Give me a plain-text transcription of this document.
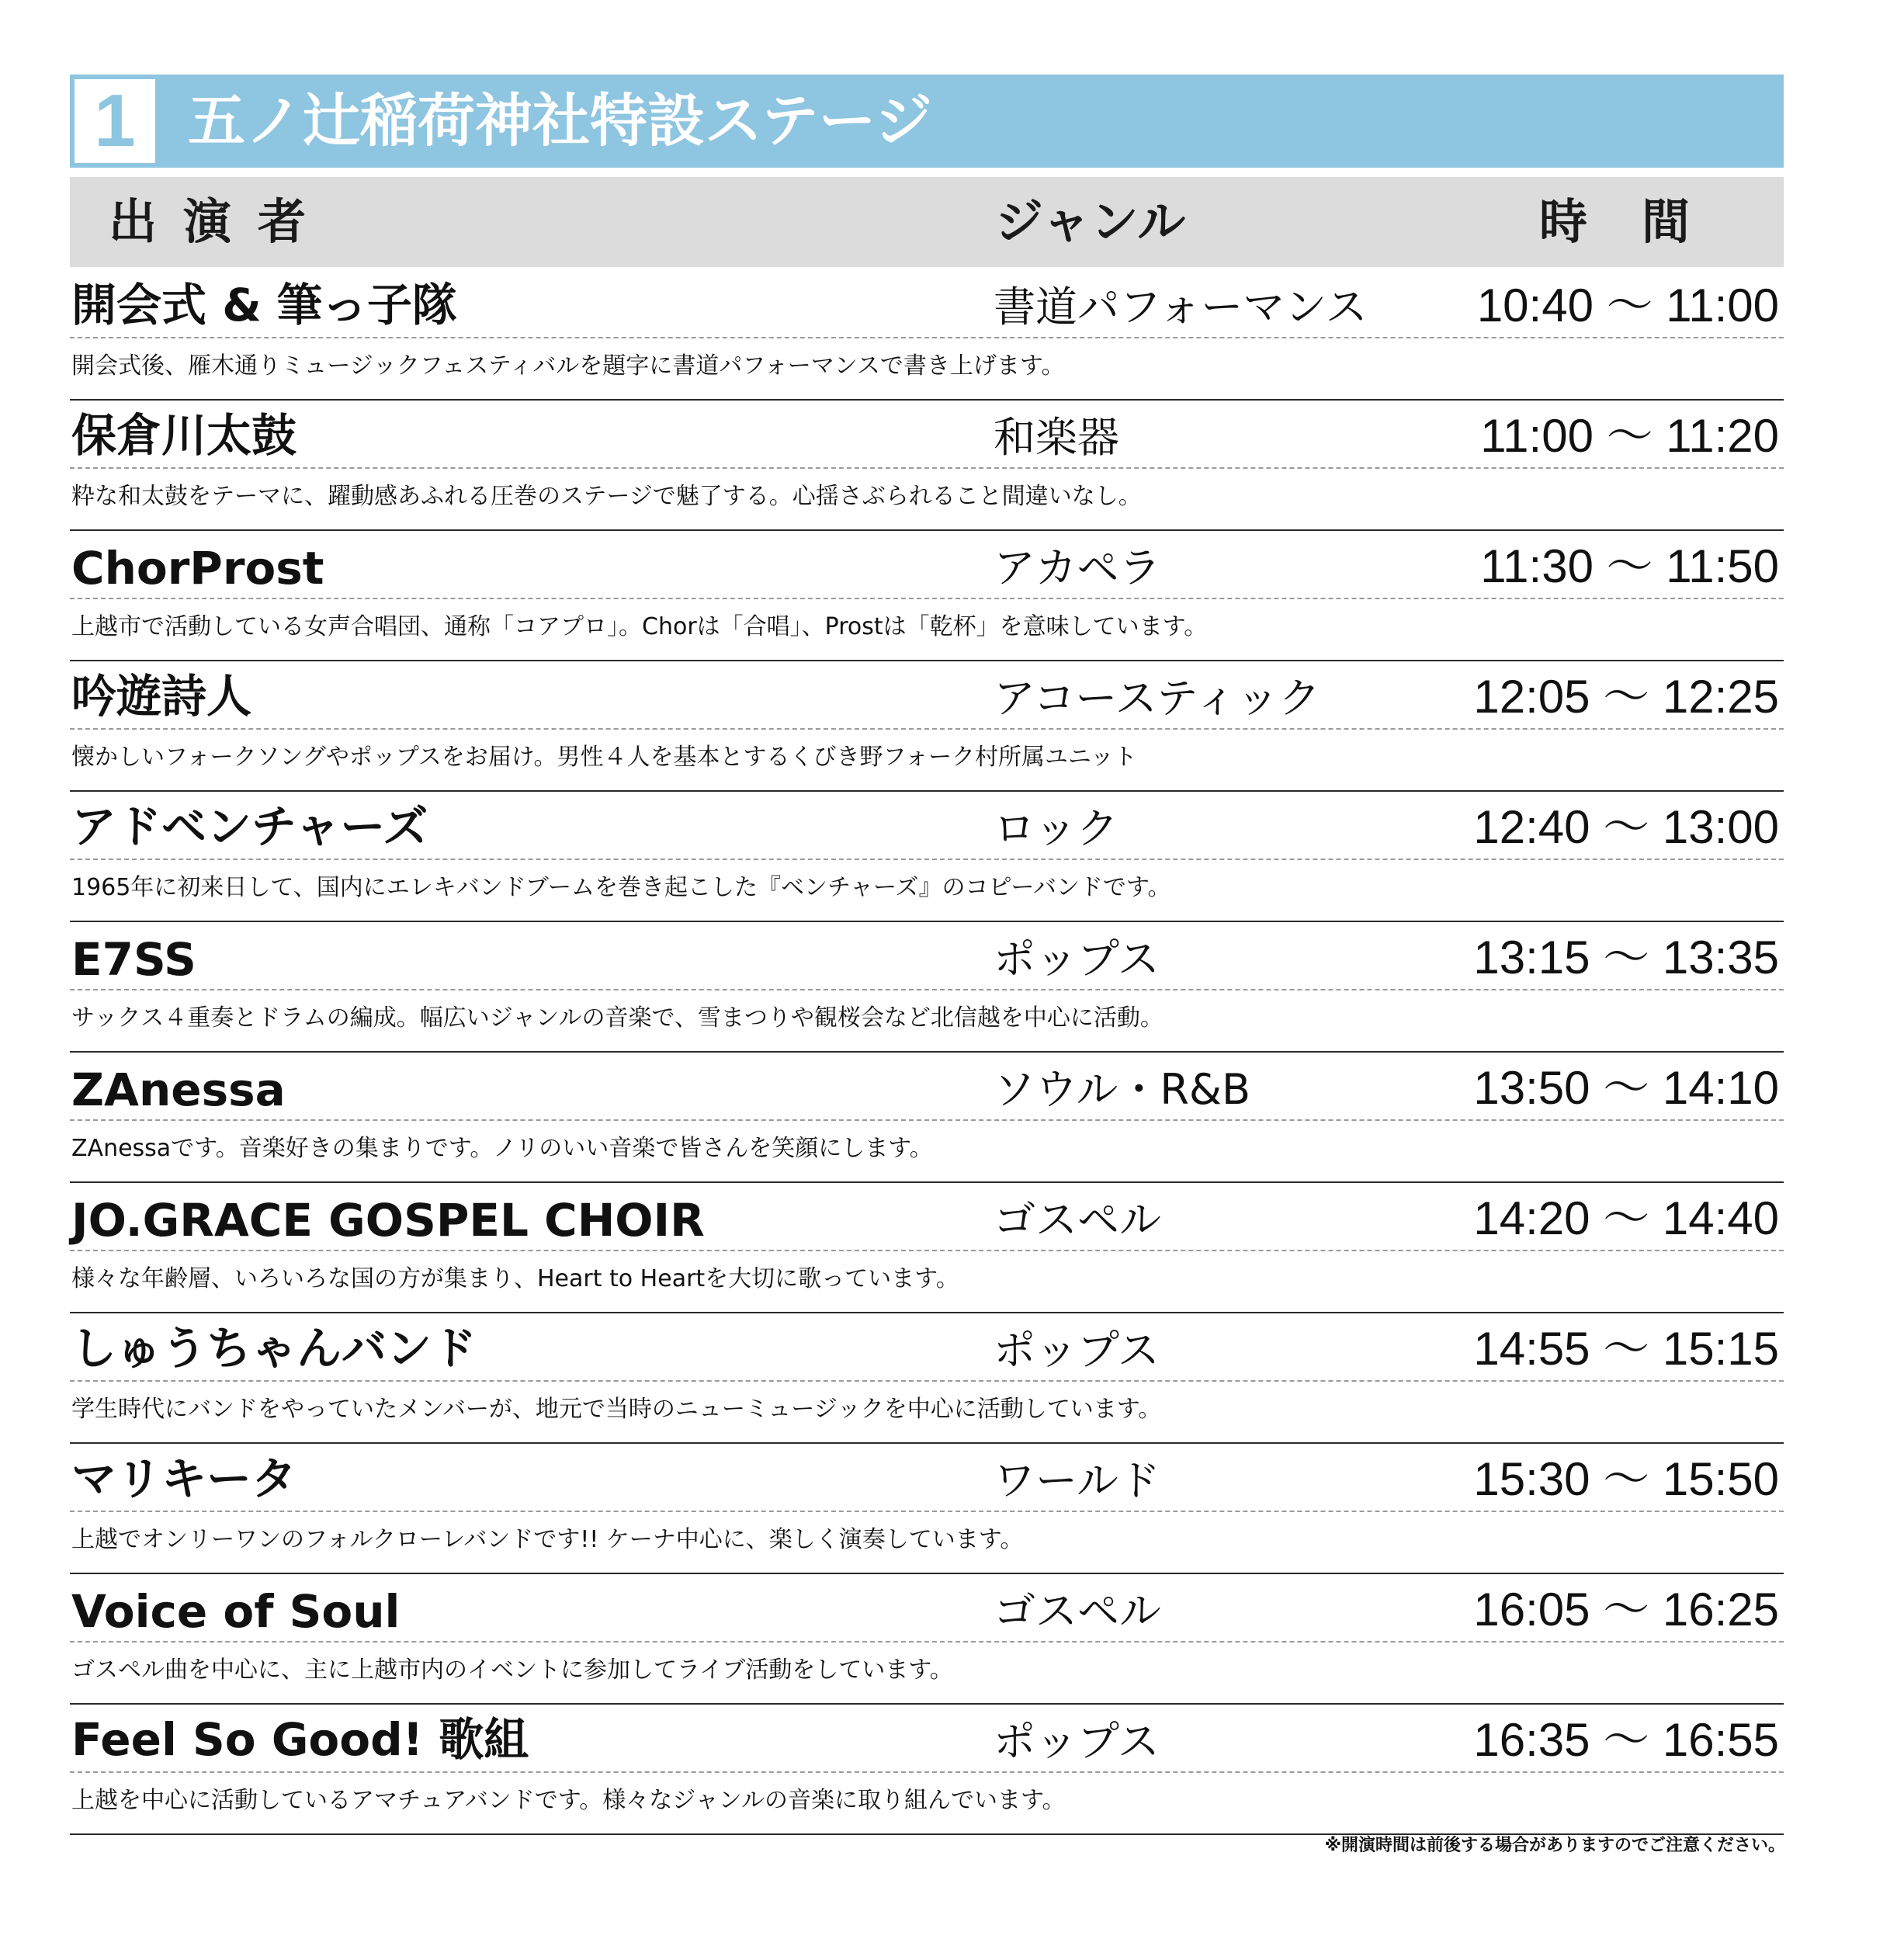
1 五ノ辻稲荷神社特設ステージ
出演者	ジャンル	時間
開会式 & 筆っ子隊	書道パフォーマンス 10:40 ～ 11:00
開会式後、雁木通りミュージックフェスティバルを題字に書道パフォーマンスで書き上げます。
保倉川太鼓	和楽器	11:00 ～ 11:20
粋な和太鼓をテーマに、躍動感あふれる圧巻のステージで魅了する。心揺さぶられること間違いなし。
ChorProst	アカペラ	11:30 ～ 11:50
上越市で活動している女声合唱団、通称「コアプロ」。Chorは「合唱」、Prostは「乾杯」を意味しています。
吟遊詩人	アコースティック	12:05 ～ 12:25
懐かしいフォークソングやポップスをお届け。男性４人を基本とするくびき野フォーク村所属ユニット
アドベンチャーズ	ロック	12:40 ～ 13:00
1965年に初来日して、国内にエレキバンドブームを巻き起こした『ベンチャーズ』のコピーバンドです。
E7SS	ポップス	13:15 ～ 13:35
サックス４重奏とドラムの編成。幅広いジャンルの音楽で、雪まつりや観桜会など北信越を中心に活動。
ZAnessa	ソウル・R&B	13:50 ～ 14:10
ZAnessaです。音楽好きの集まりです。ノリのいい音楽で皆さんを笑顔にします。
JO.GRACE GOSPEL CHOIR	ゴスペル	14:20 ～ 14:40
様々な年齢層、いろいろな国の方が集まり、Heart to Heartを大切に歌っています。
しゅうちゃんバンド	ポップス	14:55 ～ 15:15
学生時代にバンドをやっていたメンバーが、地元で当時のニューミュージックを中心に活動しています。
マリキータ	ワールド	15:30 ～ 15:50
上越でオンリーワンのフォルクローレバンドです!! ケーナ中心に、楽しく演奏しています。
Voice of Soul	ゴスペル	16:05 ～ 16:25
ゴスペル曲を中心に、主に上越市内のイベントに参加してライブ活動をしています。
Feel So Good! 歌組	ポップス	16:35 ～ 16:55
上越を中心に活動しているアマチュアバンドです。様々なジャンルの音楽に取り組んでいます。
※開演時間は前後する場合がありますのでご注意ください。
